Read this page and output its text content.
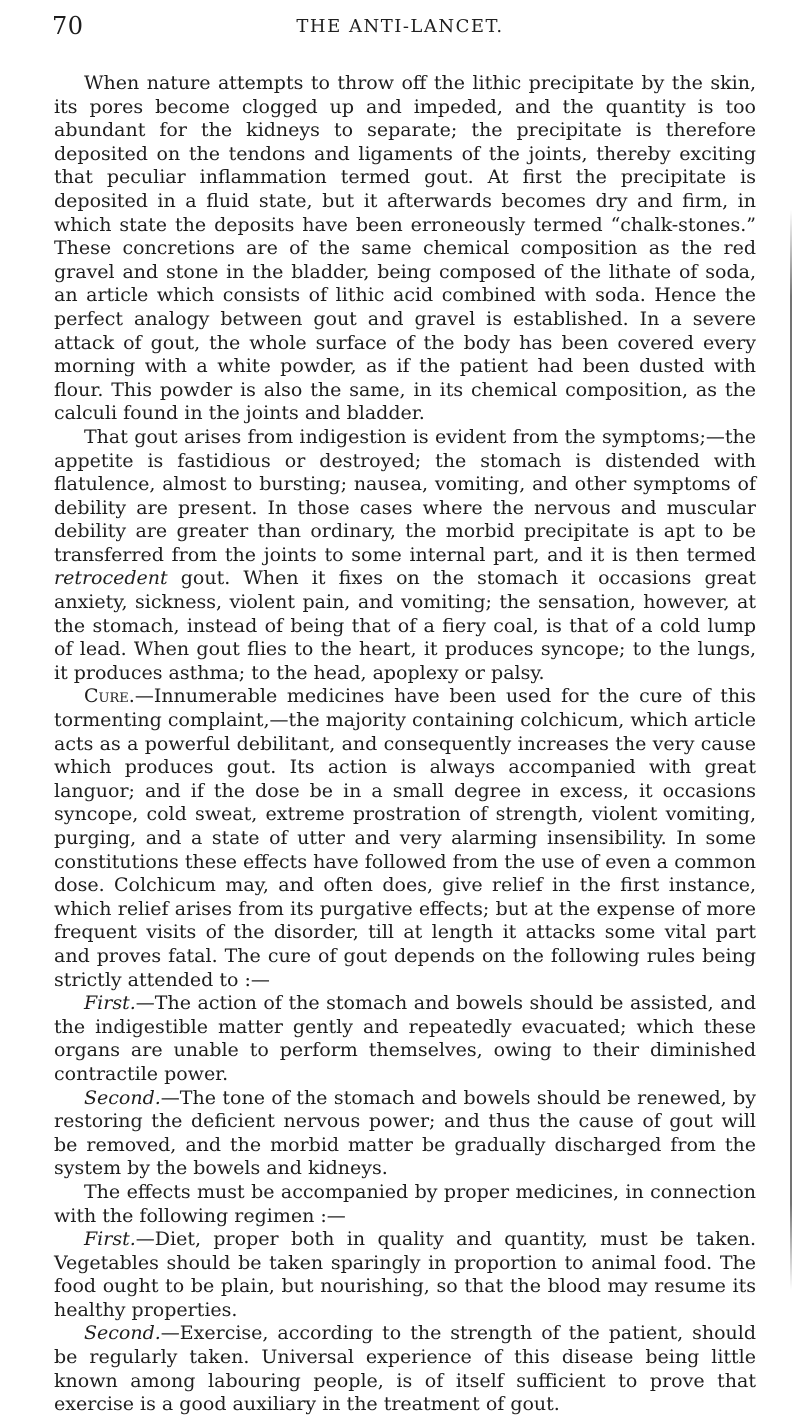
70	THE ANTI-LANCET.

When nature attempts to throw off the lithic precipitate by the skin, its pores become clogged up and impeded, and the quantity is too abundant for the kidneys to separate; the precipitate is therefore deposited on the tendons and ligaments of the joints, thereby exciting that peculiar inflammation termed gout. At first the precipitate is deposited in a fluid state, but it afterwards becomes dry and firm, in which state the deposits have been erroneously termed “chalk-stones.” These concretions are of the same chemical composition as the red gravel and stone in the bladder, being composed of the lithate of soda, an article which consists of lithic acid combined with soda. Hence the perfect analogy between gout and gravel is established. In a severe attack of gout, the whole surface of the body has been covered every morning with a white powder, as if the patient had been dusted with flour. This powder is also the same, in its chemical composition, as the calculi found in the joints and bladder.

That gout arises from indigestion is evident from the symptoms;—the appetite is fastidious or destroyed; the stomach is distended with flatulence, almost to bursting; nausea, vomiting, and other symptoms of debility are present. In those cases where the nervous and muscular debility are greater than ordinary, the morbid precipitate is apt to be transferred from the joints to some internal part, and it is then termed retrocedent gout. When it fixes on the stomach it occasions great anxiety, sickness, violent pain, and vomiting; the sensation, however, at the stomach, instead of being that of a fiery coal, is that of a cold lump of lead. When gout flies to the heart, it produces syncope; to the lungs, it produces asthma; to the head, apoplexy or palsy.

Cure.—Innumerable medicines have been used for the cure of this tormenting complaint,—the majority containing colchicum, which article acts as a powerful debilitant, and consequently increases the very cause which produces gout. Its action is always accompanied with great languor; and if the dose be in a small degree in excess, it occasions syncope, cold sweat, extreme prostration of strength, violent vomiting, purging, and a state of utter and very alarming insensibility. In some constitutions these effects have followed from the use of even a common dose. Colchicum may, and often does, give relief in the first instance, which relief arises from its purgative effects; but at the expense of more frequent visits of the disorder, till at length it attacks some vital part and proves fatal. The cure of gout depends on the following rules being strictly attended to :—

First.—The action of the stomach and bowels should be assisted, and the indigestible matter gently and repeatedly evacuated; which these organs are unable to perform themselves, owing to their diminished contractile power.

Second.—The tone of the stomach and bowels should be renewed, by restoring the deficient nervous power; and thus the cause of gout will be removed, and the morbid matter be gradually discharged from the system by the bowels and kidneys.

The effects must be accompanied by proper medicines, in connection with the following regimen :—

First.—Diet, proper both in quality and quantity, must be taken. Vegetables should be taken sparingly in proportion to animal food. The food ought to be plain, but nourishing, so that the blood may resume its healthy properties.

Second.—Exercise, according to the strength of the patient, should be regularly taken. Universal experience of this disease being little known among labouring people, is of itself sufficient to prove that exercise is a good auxiliary in the treatment of gout.
